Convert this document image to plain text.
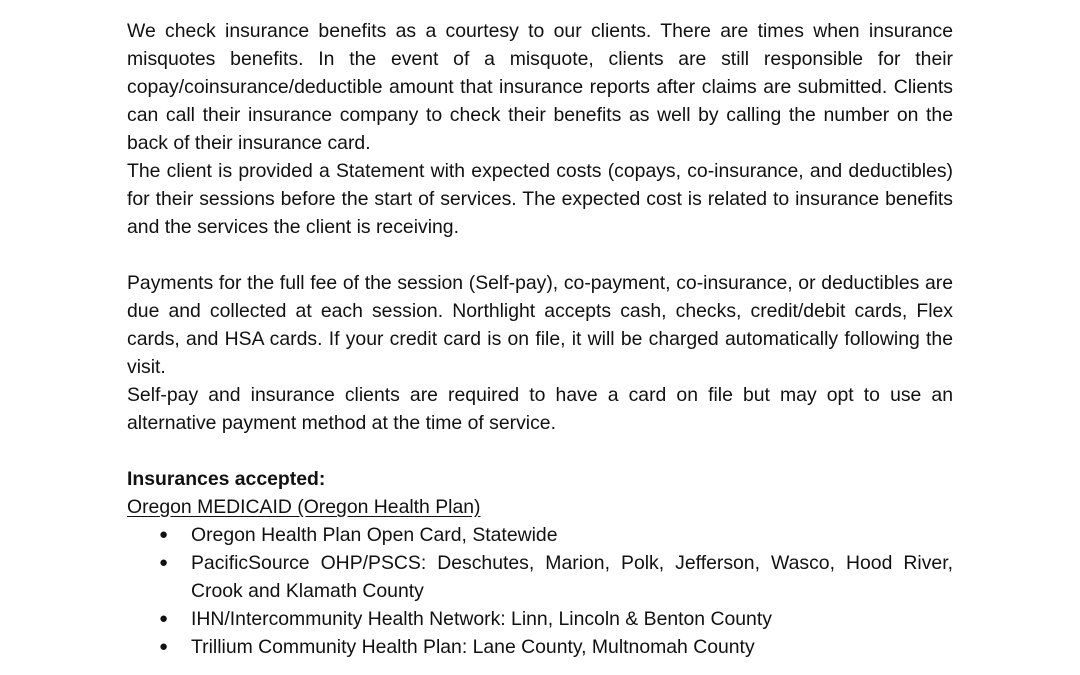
We check insurance benefits as a courtesy to our clients. There are times when insurance misquotes benefits. In the event of a misquote, clients are still responsible for their copay/coinsurance/deductible amount that insurance reports after claims are submitted. Clients can call their insurance company to check their benefits as well by calling the number on the back of their insurance card.

The client is provided a Statement with expected costs (copays, co-insurance, and deductibles) for their sessions before the start of services. The expected cost is related to insurance benefits and the services the client is receiving.

Payments for the full fee of the session (Self-pay), co-payment, co-insurance, or deductibles are due and collected at each session. Northlight accepts cash, checks, credit/debit cards, Flex cards, and HSA cards. If your credit card is on file, it will be charged automatically following the visit.

Self-pay and insurance clients are required to have a card on file but may opt to use an alternative payment method at the time of service.

Insurances accepted:

Oregon MEDICAID (Oregon Health Plan)

● Oregon Health Plan Open Card, Statewide
● PacificSource OHP/PSCS: Deschutes, Marion, Polk, Jefferson, Wasco, Hood River, Crook and Klamath County
● IHN/Intercommunity Health Network: Linn, Lincoln & Benton County
● Trillium Community Health Plan: Lane County, Multnomah County
